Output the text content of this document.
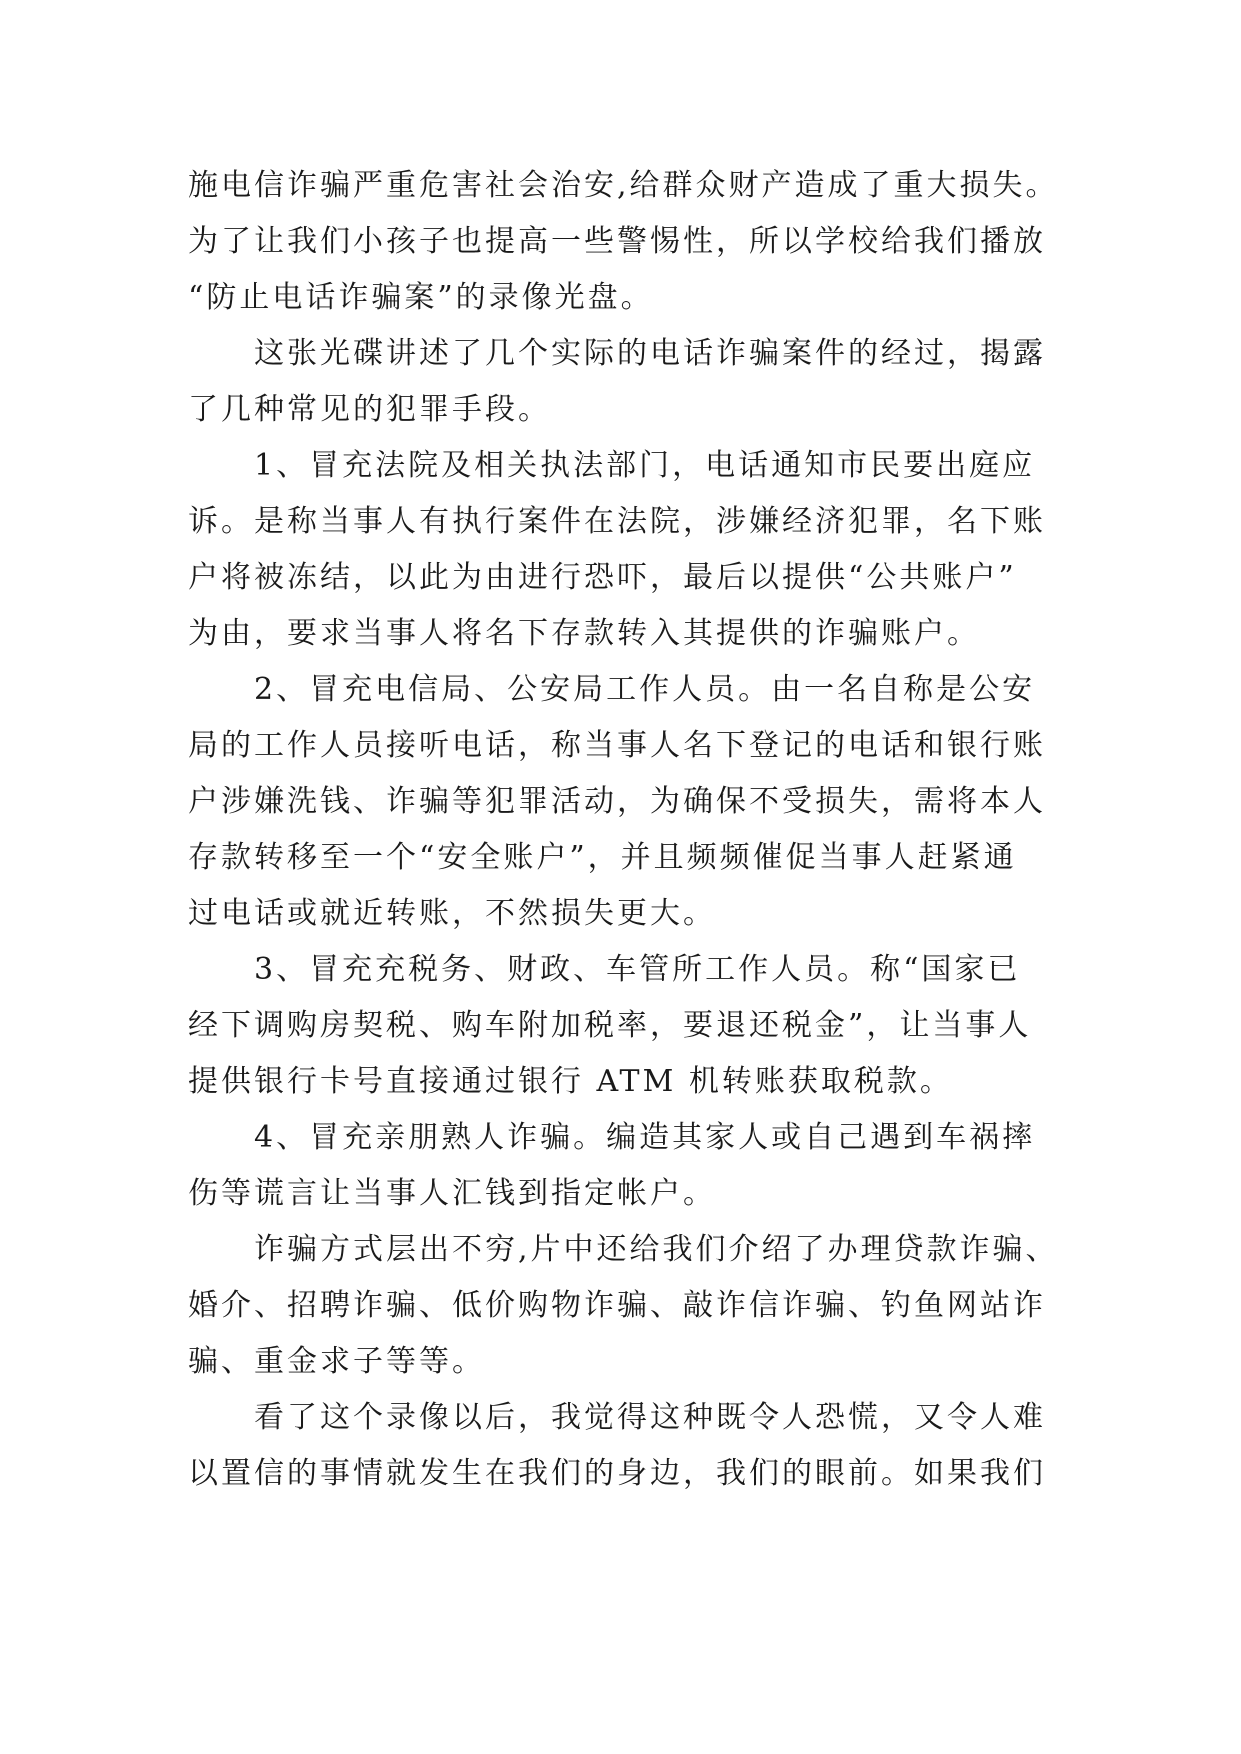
施电信诈骗严重危害社会治安,给群众财产造成了重大损失。
为了让我们小孩子也提高一些警惕性，所以学校给我们播放
“防止电话诈骗案”的录像光盘。
这张光碟讲述了几个实际的电话诈骗案件的经过，揭露
了几种常见的犯罪手段。
1、冒充法院及相关执法部门，电话通知市民要出庭应
诉。是称当事人有执行案件在法院，涉嫌经济犯罪，名下账
户将被冻结，以此为由进行恐吓，最后以提供“公共账户”
为由，要求当事人将名下存款转入其提供的诈骗账户。
2、冒充电信局、公安局工作人员。由一名自称是公安
局的工作人员接听电话，称当事人名下登记的电话和银行账
户涉嫌洗钱、诈骗等犯罪活动，为确保不受损失，需将本人
存款转移至一个“安全账户”，并且频频催促当事人赶紧通
过电话或就近转账，不然损失更大。
3、冒充充税务、财政、车管所工作人员。称“国家已
经下调购房契税、购车附加税率，要退还税金”，让当事人
提供银行卡号直接通过银行 ATM 机转账获取税款。
4、冒充亲朋熟人诈骗。编造其家人或自己遇到车祸摔
伤等谎言让当事人汇钱到指定帐户。
诈骗方式层出不穷,片中还给我们介绍了办理贷款诈骗、
婚介、招聘诈骗、低价购物诈骗、敲诈信诈骗、钓鱼网站诈
骗、重金求子等等。
看了这个录像以后，我觉得这种既令人恐慌，又令人难
以置信的事情就发生在我们的身边，我们的眼前。如果我们
